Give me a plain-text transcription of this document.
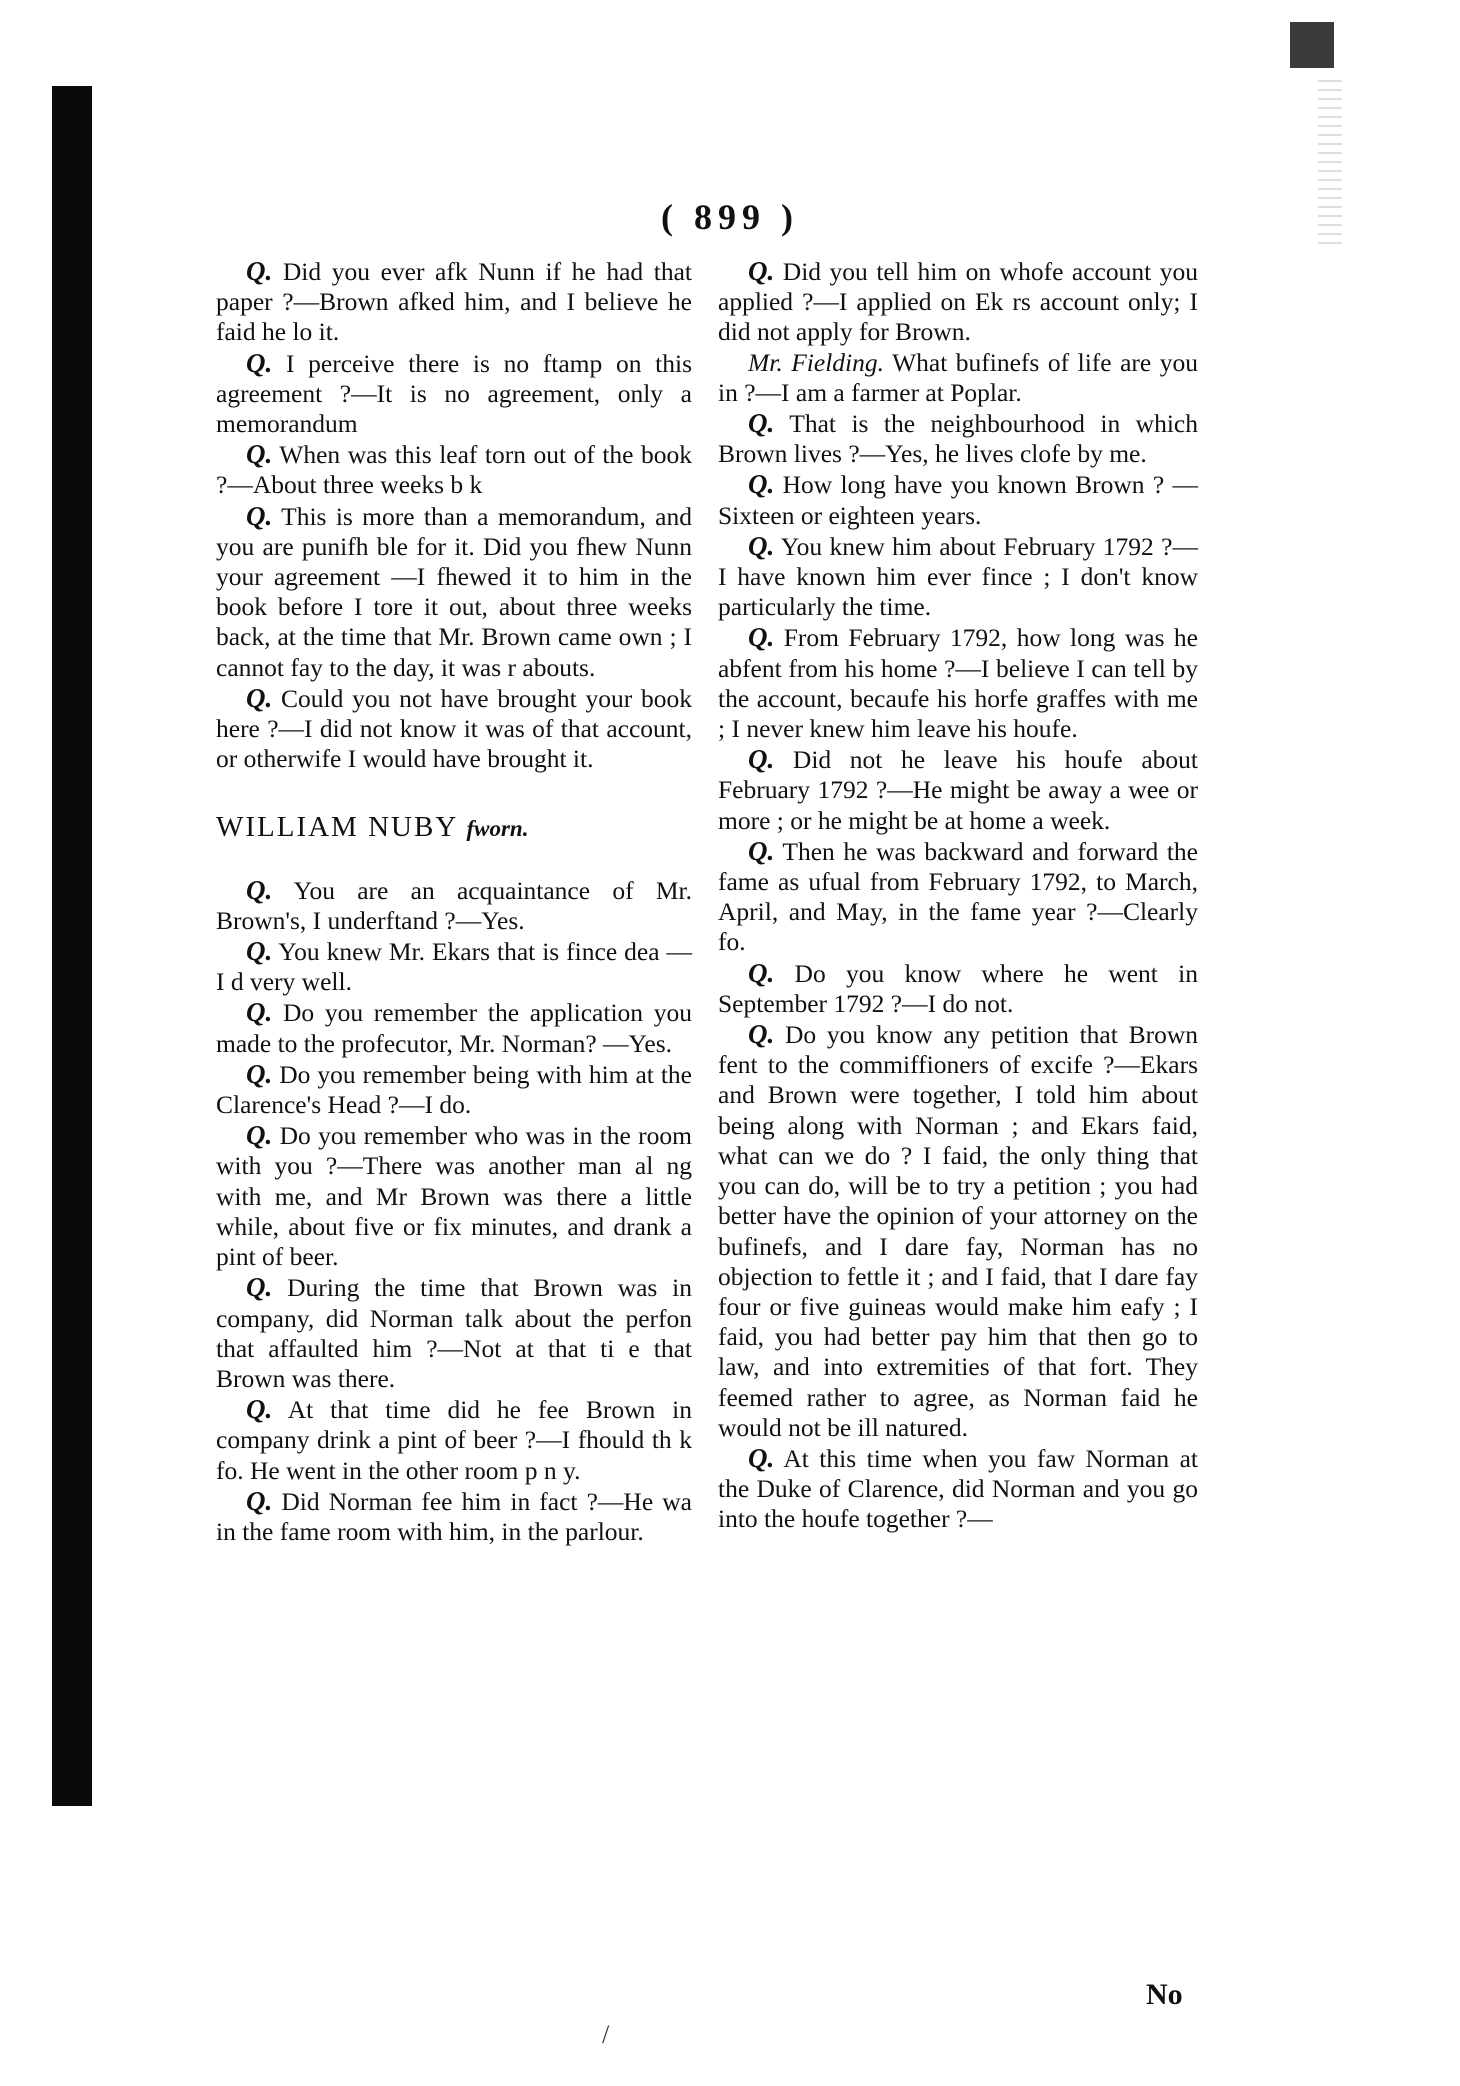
( 899 )

Q. Did you ever afk Nunn if he had that paper ?—Brown afked him, and I believe he faid he lo it.

Q. I perceive there is no ftamp on this agreement ?—It is no agreement, only a memorandum

Q. When was this leaf torn out of the book ?—About three weeks b k

Q. This is more than a memorandum, and you are punifh ble for it. Did you fhew Nunn your agreement —I fhewed it to him in the book before I tore it out, about three weeks back, at the time that Mr. Brown came own ; I cannot fay to the day, it was r abouts.

Q. Could you not have brought your book here ?—I did not know it was of that account, or otherwife I would have brought it.

WILLIAM NUBY fworn.

Q. You are an acquaintance of Mr. Brown's, I underftand ?—Yes.

Q. You knew Mr. Ekars that is fince dea —I d very well.

Q. Do you remember the application you made to the profecutor, Mr. Norman? —Yes.

Q. Do you remember being with him at the Clarence's Head ?—I do.

Q. Do you remember who was in the room with you ?—There was another man al ng with me, and Mr Brown was there a little while, about five or fix minutes, and drank a pint of beer.

Q. During the time that Brown was in company, did Norman talk about the perfon that affaulted him ?—Not at that ti e that Brown was there.

Q. At that time did he fee Brown in company drink a pint of beer ?—I fhould th k fo. He went in the other room p n y.

Q. Did Norman fee him in fact ?—He wa in the fame room with him, in the parlour.

Q. Did you tell him on whofe account you applied ?—I applied on Ek rs account only; I did not apply for Brown.

Mr. Fielding. What bufinefs of life are you in ?—I am a farmer at Poplar.

Q. That is the neighbourhood in which Brown lives ?—Yes, he lives clofe by me.

Q. How long have you known Brown ? —Sixteen or eighteen years.

Q. You knew him about February 1792 ?—I have known him ever fince ; I don't know particularly the time.

Q. From February 1792, how long was he abfent from his home ?—I believe I can tell by the account, becaufe his horfe graffes with me ; I never knew him leave his houfe.

Q. Did not he leave his houfe about February 1792 ?—He might be away a wee or more ; or he might be at home a week.

Q. Then he was backward and forward the fame as ufual from February 1792, to March, April, and May, in the fame year ?—Clearly fo.

Q. Do you know where he went in September 1792 ?—I do not.

Q. Do you know any petition that Brown fent to the commiffioners of excife ?—Ekars and Brown were together, I told him about being along with Norman ; and Ekars faid, what can we do ? I faid, the only thing that you can do, will be to try a petition ; you had better have the opinion of your attorney on the bufinefs, and I dare fay, Norman has no objection to fettle it ; and I faid, that I dare fay four or five guineas would make him eafy ; I faid, you had better pay him that then go to law, and into extremities of that fort. They feemed rather to agree, as Norman faid he would not be ill natured.

Q. At this time when you faw Norman at the Duke of Clarence, did Norman and you go into the houfe together ?—

No
/
